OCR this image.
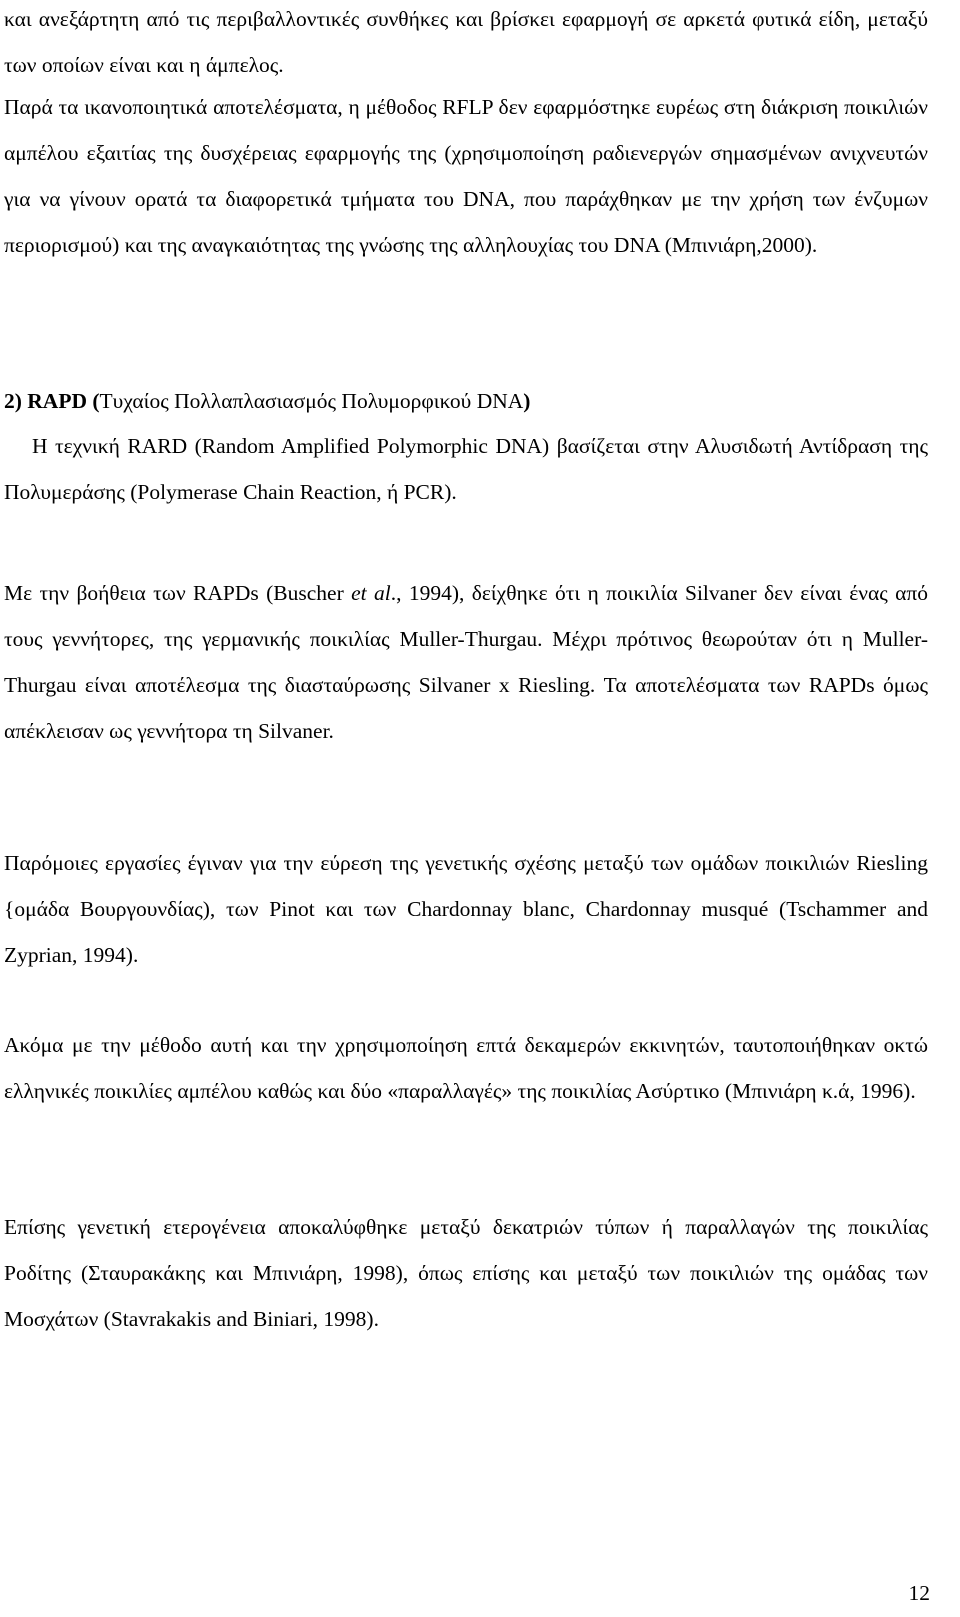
και ανεξάρτητη από τις περιβαλλοντικές συνθήκες και βρίσκει εφαρμογή σε αρκετά φυτικά είδη, μεταξύ των οποίων είναι και η άμπελος.

Παρά τα ικανοποιητικά αποτελέσματα, η μέθοδος RFLP δεν εφαρμόστηκε ευρέως στη διάκριση ποικιλιών αμπέλου εξαιτίας της δυσχέρειας εφαρμογής της (χρησιμοποίηση ραδιενεργών σημασμένων ανιχνευτών για να γίνουν ορατά τα διαφορετικά τμήματα του DNA, που παράχθηκαν με την χρήση των ένζυμων περιορισμού) και της αναγκαιότητας της γνώσης της αλληλουχίας του DNA (Μπινιάρη,2000).

2) RAPD (Τυχαίος Πολλαπλασιασμός Πολυμορφικού DNA)

Η τεχνική RARD (Random Amplified Polymorphic DNA) βασίζεται στην Αλυσιδωτή Αντίδραση της Πολυμεράσης (Polymerase Chain Reaction, ή PCR).

Με την βοήθεια των RAPDs (Buscher et al., 1994), δείχθηκε ότι η ποικιλία Silvaner δεν είναι ένας από τους γεννήτορες, της γερμανικής ποικιλίας Muller-Thurgau. Μέχρι πρότινος θεωρούταν ότι η Muller-Thurgau είναι αποτέλεσμα της διασταύρωσης Silvaner x Riesling. Τα αποτελέσματα των RAPDs όμως απέκλεισαν ως γεννήτορα τη Silvaner.

Παρόμοιες εργασίες έγιναν για την εύρεση της γενετικής σχέσης μεταξύ των ομάδων ποικιλιών Riesling {ομάδα Βουργουνδίας), των Pinot και των Chardonnay blanc, Chardonnay musqué (Tschammer and Zyprian, 1994).

Ακόμα με την μέθοδο αυτή και την χρησιμοποίηση επτά δεκαμερών εκκινητών, ταυτοποιήθηκαν οκτώ ελληνικές ποικιλίες αμπέλου καθώς και δύο «παραλλαγές» της ποικιλίας Ασύρτικο (Μπινιάρη κ.ά, 1996).

Επίσης γενετική ετερογένεια αποκαλύφθηκε μεταξύ δεκατριών τύπων ή παραλλαγών της ποικιλίας Ροδίτης (Σταυρακάκης και Μπινιάρη, 1998), όπως επίσης και μεταξύ των ποικιλιών της ομάδας των Μοσχάτων (Stavrakakis and Biniari, 1998).

12
